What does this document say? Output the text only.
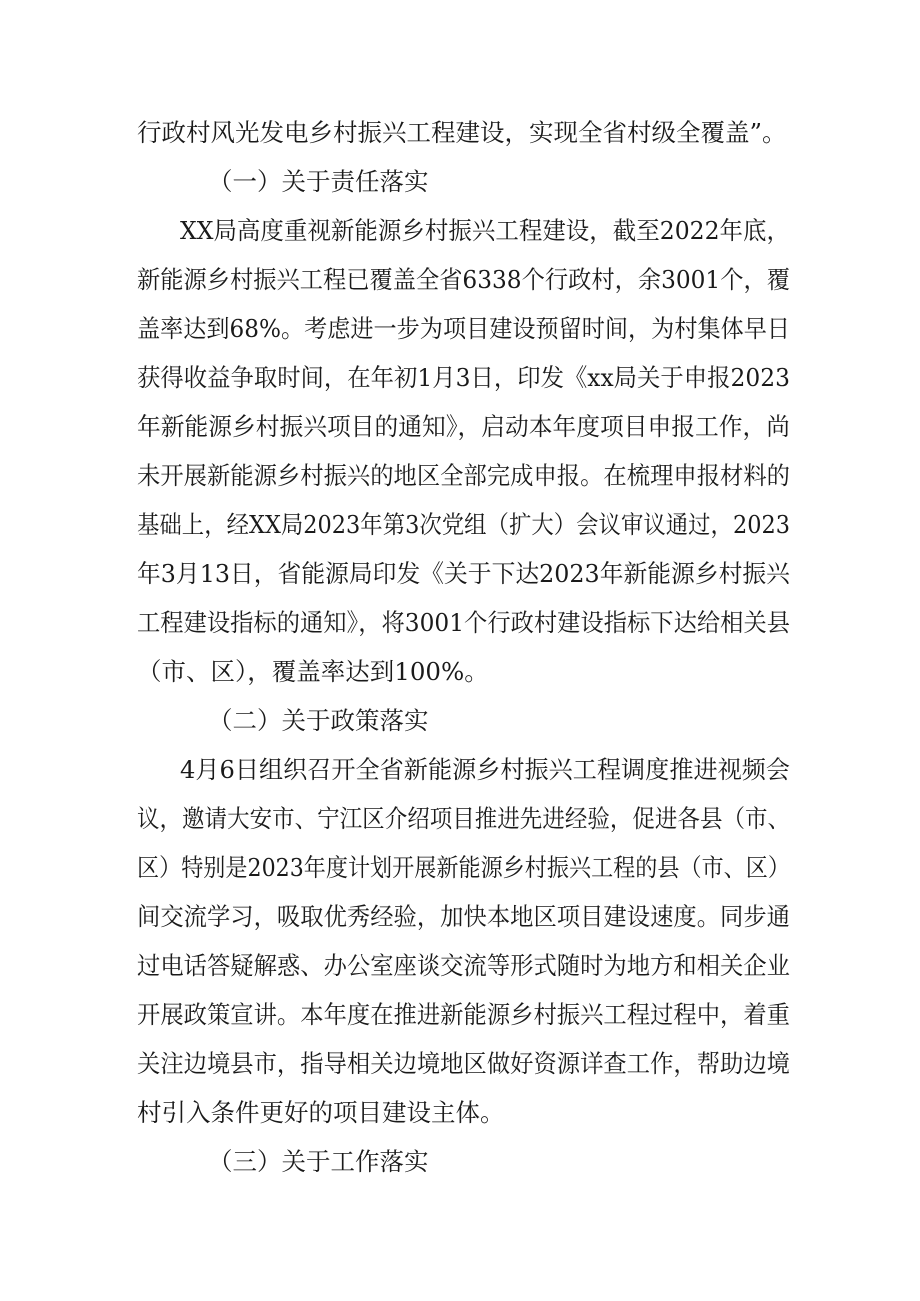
行政村风光发电乡村振兴工程建设，实现全省村级全覆盖”。
（一）关于责任落实
XX局高度重视新能源乡村振兴工程建设，截至2022年底，
新能源乡村振兴工程已覆盖全省6338个行政村，余3001个，覆
盖率达到68%。考虑进一步为项目建设预留时间，为村集体早日
获得收益争取时间，在年初1月3日，印发《xx局关于申报2023
年新能源乡村振兴项目的通知》，启动本年度项目申报工作，尚
未开展新能源乡村振兴的地区全部完成申报。在梳理申报材料的
基础上，经XX局2023年第3次党组（扩大）会议审议通过，2023
年3月13日，省能源局印发《关于下达2023年新能源乡村振兴
工程建设指标的通知》，将3001个行政村建设指标下达给相关县
（市、区），覆盖率达到100%。
（二）关于政策落实
4月6日组织召开全省新能源乡村振兴工程调度推进视频会
议，邀请大安市、宁江区介绍项目推进先进经验，促进各县（市、
区）特别是2023年度计划开展新能源乡村振兴工程的县（市、区）
间交流学习，吸取优秀经验，加快本地区项目建设速度。同步通
过电话答疑解惑、办公室座谈交流等形式随时为地方和相关企业
开展政策宣讲。本年度在推进新能源乡村振兴工程过程中，着重
关注边境县市，指导相关边境地区做好资源详查工作，帮助边境
村引入条件更好的项目建设主体。
（三）关于工作落实
